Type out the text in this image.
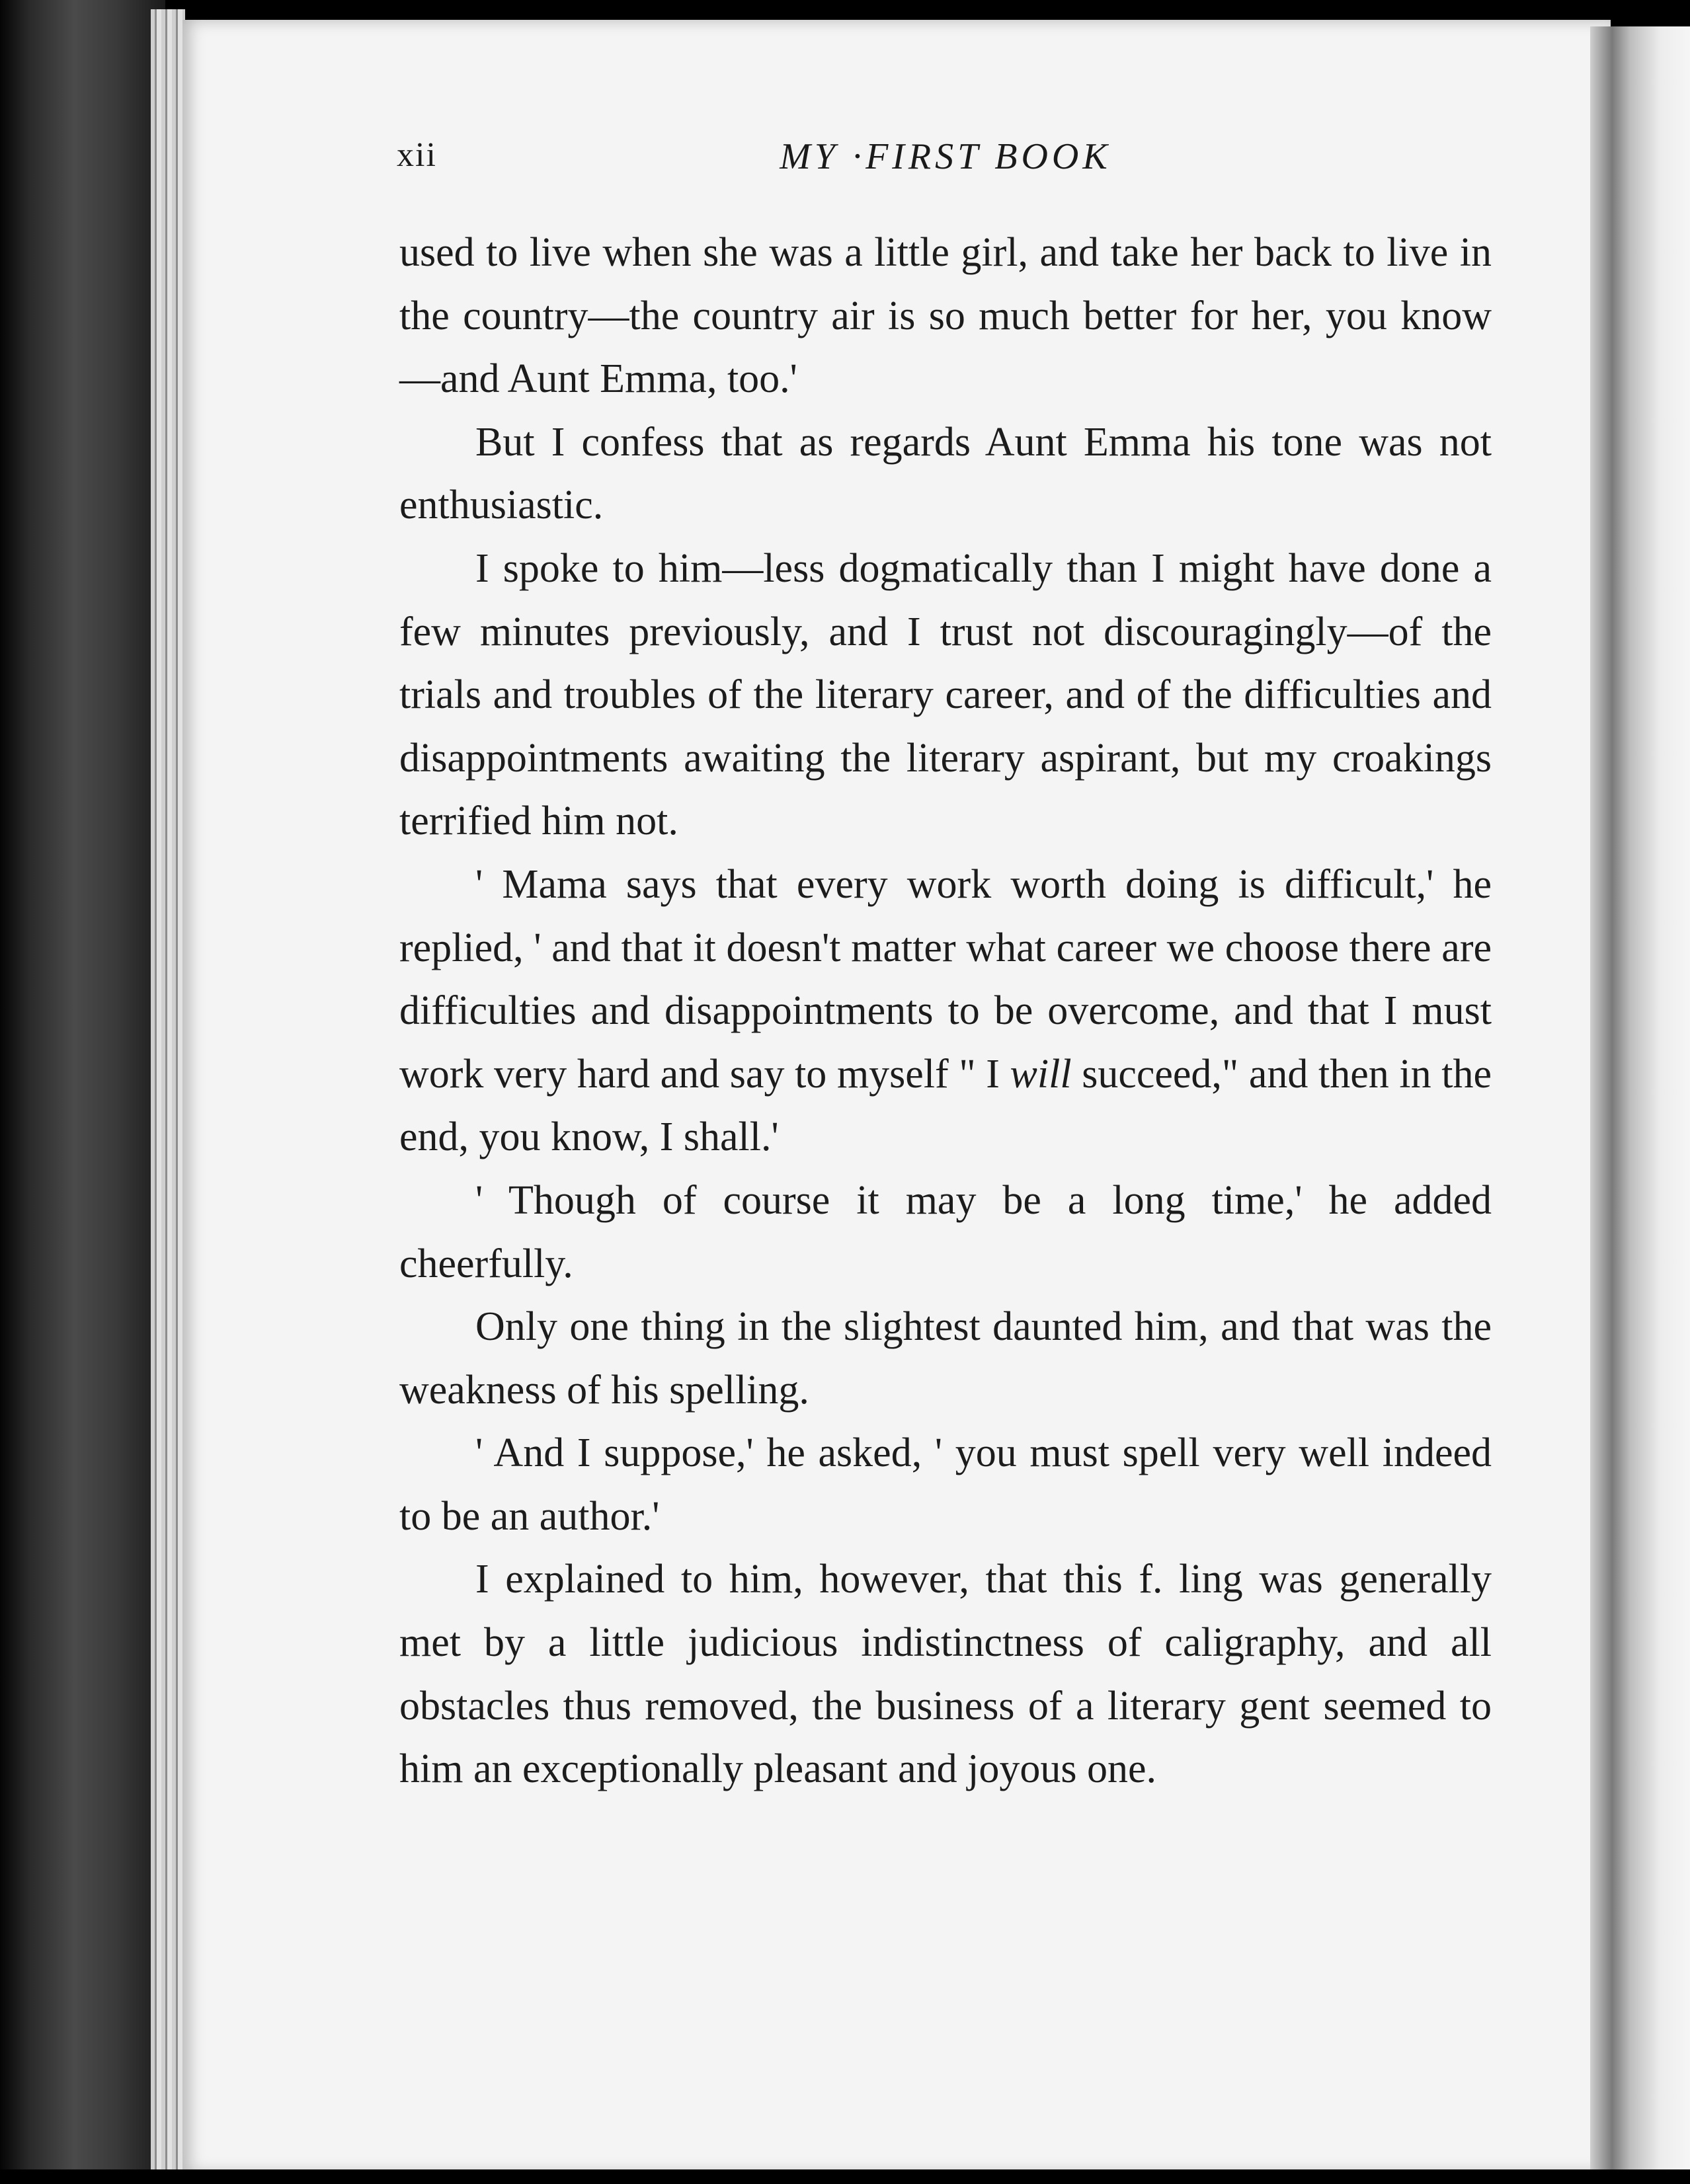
xii	MY ·FIRST BOOK

used to live when she was a little girl, and take her back to live in the country—the country air is so much better for her, you know—and Aunt Emma, too.'

But I confess that as regards Aunt Emma his tone was not enthusiastic.

I spoke to him—less dogmatically than I might have done a few minutes previously, and I trust not discouragingly—of the trials and troubles of the literary career, and of the difficulties and disappointments awaiting the literary aspirant, but my croakings terrified him not.

' Mama says that every work worth doing is difficult,' he replied, ' and that it doesn't matter what career we choose there are difficulties and disappointments to be overcome, and that I must work very hard and say to myself " I will succeed," and then in the end, you know, I shall.'

' Though of course it may be a long time,' he added cheerfully.

Only one thing in the slightest daunted him, and that was the weakness of his spelling.

' And I suppose,' he asked, ' you must spell very well indeed to be an author.'

I explained to him, however, that this f. ling was generally met by a little judicious indistinctness of caligraphy, and all obstacles thus removed, the business of a literary gent seemed to him an exceptionally pleasant and joyous one.
